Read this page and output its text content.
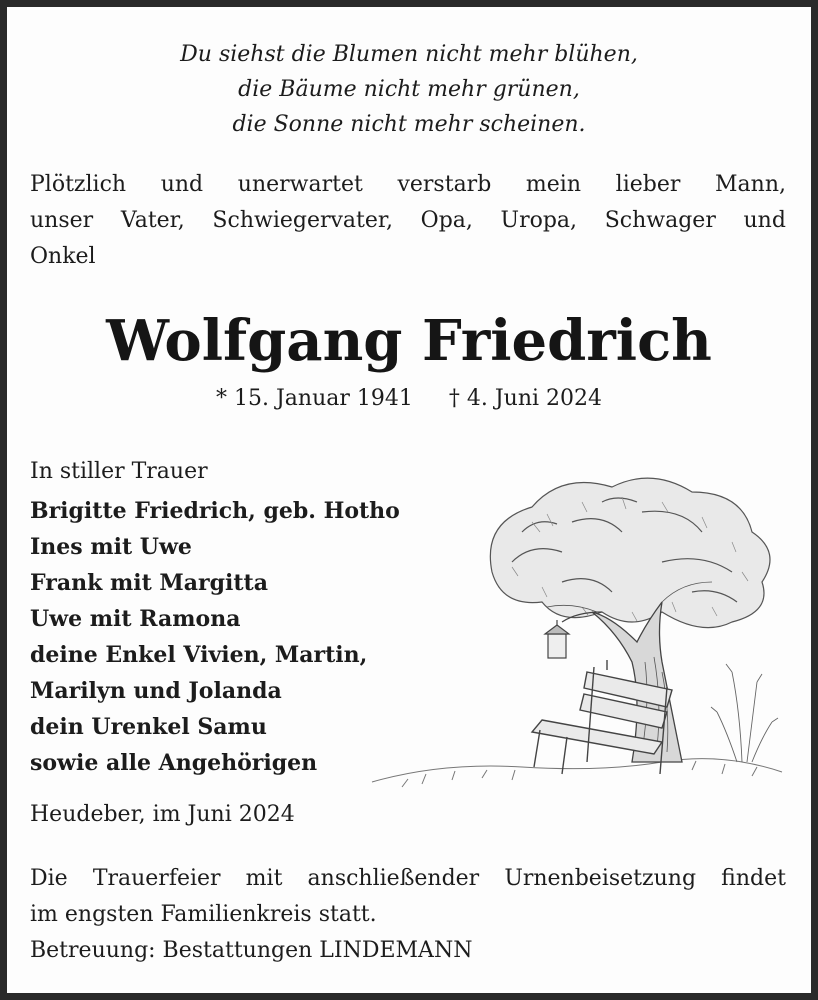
Du siehst die Blumen nicht mehr blühen,
die Bäume nicht mehr grünen,
die Sonne nicht mehr scheinen.
Plötzlich und unerwartet verstarb mein lieber Mann,
unser Vater, Schwiegervater, Opa, Uropa, Schwager und
Onkel
Wolfgang Friedrich
* 15. Januar 1941 † 4. Juni 2024
In stiller Trauer
Brigitte Friedrich, geb. Hotho
Ines mit Uwe
Frank mit Margitta
Uwe mit Ramona
deine Enkel Vivien, Martin,
Marilyn und Jolanda
dein Urenkel Samu
sowie alle Angehörigen
Heudeber, im Juni 2024
Die Trauerfeier mit anschließender Urnenbeisetzung findet
im engsten Familienkreis statt.
Betreuung: Bestattungen LINDEMANN
